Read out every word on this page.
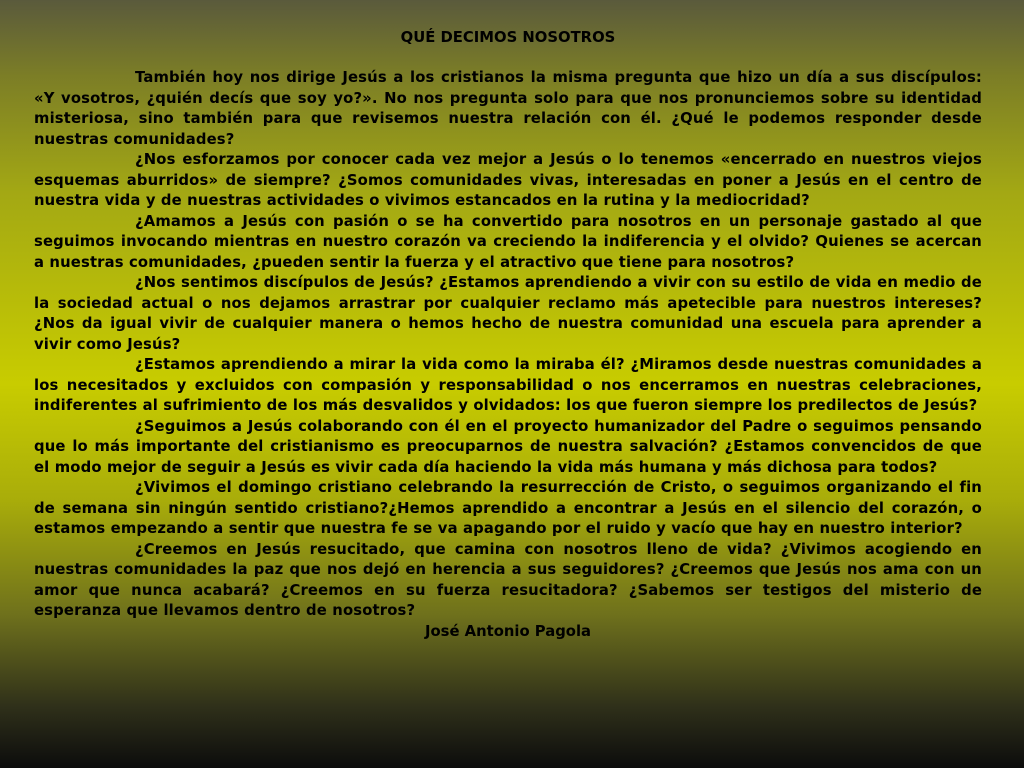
QUÉ DECIMOS NOSOTROS

También hoy nos dirige Jesús a los cristianos la misma pregunta que hizo un día a sus discípulos: «Y vosotros, ¿quién decís que soy yo?». No nos pregunta solo para que nos pronunciemos sobre su identidad misteriosa, sino también para que revisemos nuestra relación con él. ¿Qué le podemos responder desde nuestras comunidades?

¿Nos esforzamos por conocer cada vez mejor a Jesús o lo tenemos «encerrado en nuestros viejos esquemas aburridos» de siempre? ¿Somos comunidades vivas, interesadas en poner a Jesús en el centro de nuestra vida y de nuestras actividades o vivimos estancados en la rutina y la mediocridad?

¿Amamos a Jesús con pasión o se ha convertido para nosotros en un personaje gastado al que seguimos invocando mientras en nuestro corazón va creciendo la indiferencia y el olvido? Quienes se acercan a nuestras comunidades, ¿pueden sentir la fuerza y el atractivo que tiene para nosotros?

¿Nos sentimos discípulos de Jesús? ¿Estamos aprendiendo a vivir con su estilo de vida en medio de la sociedad actual o nos dejamos arrastrar por cualquier reclamo más apetecible para nuestros intereses? ¿Nos da igual vivir de cualquier manera o hemos hecho de nuestra comunidad una escuela para aprender a vivir como Jesús?

¿Estamos aprendiendo a mirar la vida como la miraba él? ¿Miramos desde nuestras comunidades a los necesitados y excluidos con compasión y responsabilidad o nos encerramos en nuestras celebraciones, indiferentes al sufrimiento de los más desvalidos y olvidados: los que fueron siempre los predilectos de Jesús?

¿Seguimos a Jesús colaborando con él en el proyecto humanizador del Padre o seguimos pensando que lo más importante del cristianismo es preocuparnos de nuestra salvación? ¿Estamos convencidos de que el modo mejor de seguir a Jesús es vivir cada día haciendo la vida más humana y más dichosa para todos?

¿Vivimos el domingo cristiano celebrando la resurrección de Cristo, o seguimos organizando el fin de semana sin ningún sentido cristiano?¿Hemos aprendido a encontrar a Jesús en el silencio del corazón, o estamos empezando a sentir que nuestra fe se va apagando por el ruido y vacío que hay en nuestro interior?

¿Creemos en Jesús resucitado, que camina con nosotros lleno de vida? ¿Vivimos acogiendo en nuestras comunidades la paz que nos dejó en herencia a sus seguidores? ¿Creemos que Jesús nos ama con un amor que nunca acabará? ¿Creemos en su fuerza resucitadora? ¿Sabemos ser testigos del misterio de esperanza que llevamos dentro de nosotros?

José Antonio Pagola
